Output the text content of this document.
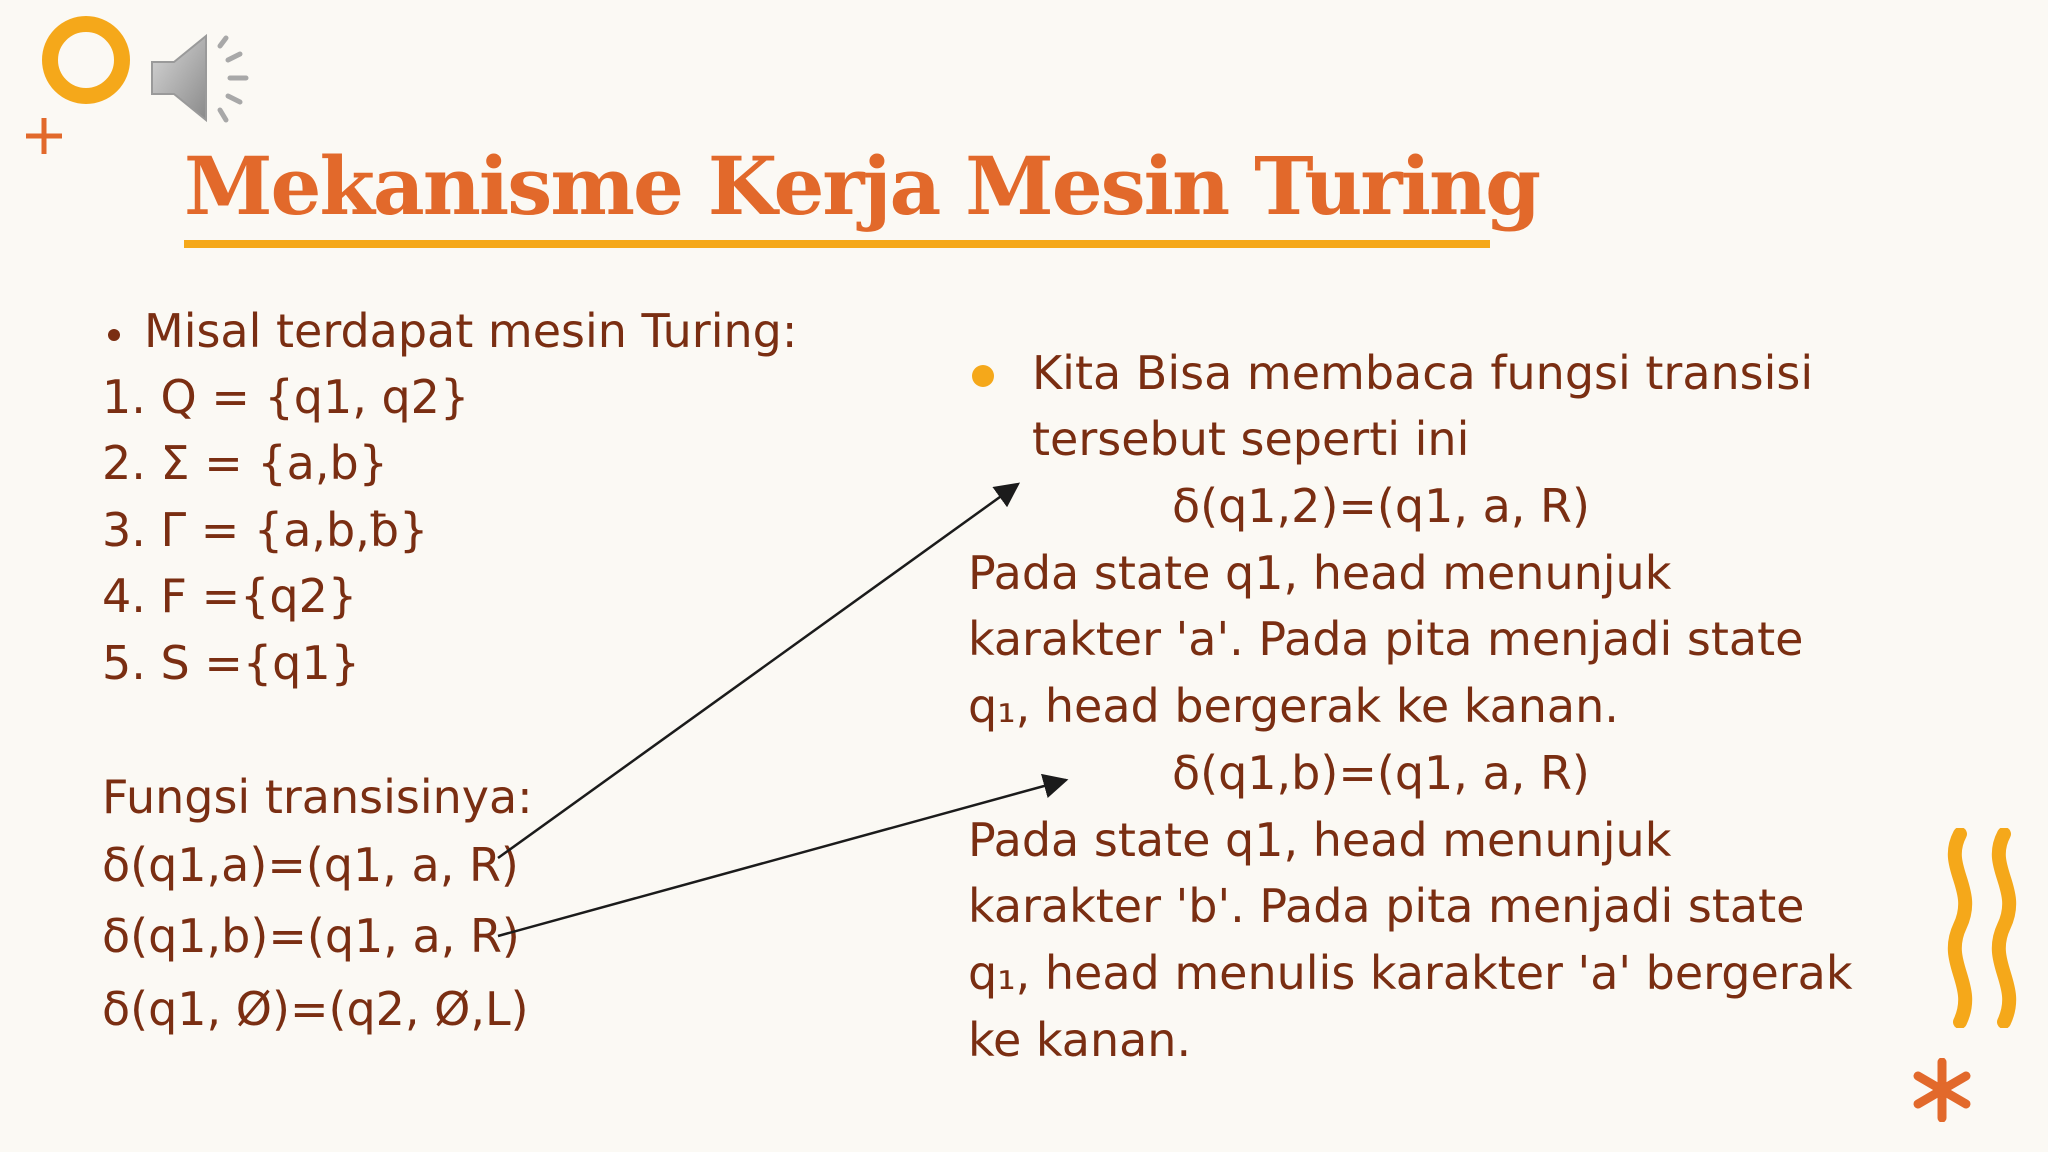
Mekanisme Kerja Mesin Turing
Misal terdapat mesin Turing:
1. Q = {q1, q2}
2. Σ = {a,b}
3. Γ = {a,b,ƀ}
4. F ={q2}
5. S ={q1}
Fungsi transisinya:
δ(q1,a)=(q1, a, R)
δ(q1,b)=(q1, a, R)
δ(q1, Ø)=(q2, Ø,L)
Kita Bisa membaca fungsi transisi
tersebut seperti ini
δ(q1,2)=(q1, a, R)
Pada state q1, head menunjuk
karakter 'a'. Pada pita menjadi state
q₁, head bergerak ke kanan.
δ(q1,b)=(q1, a, R)
Pada state q1, head menunjuk
karakter 'b'. Pada pita menjadi state
q₁, head menulis karakter 'a' bergerak
ke kanan.
